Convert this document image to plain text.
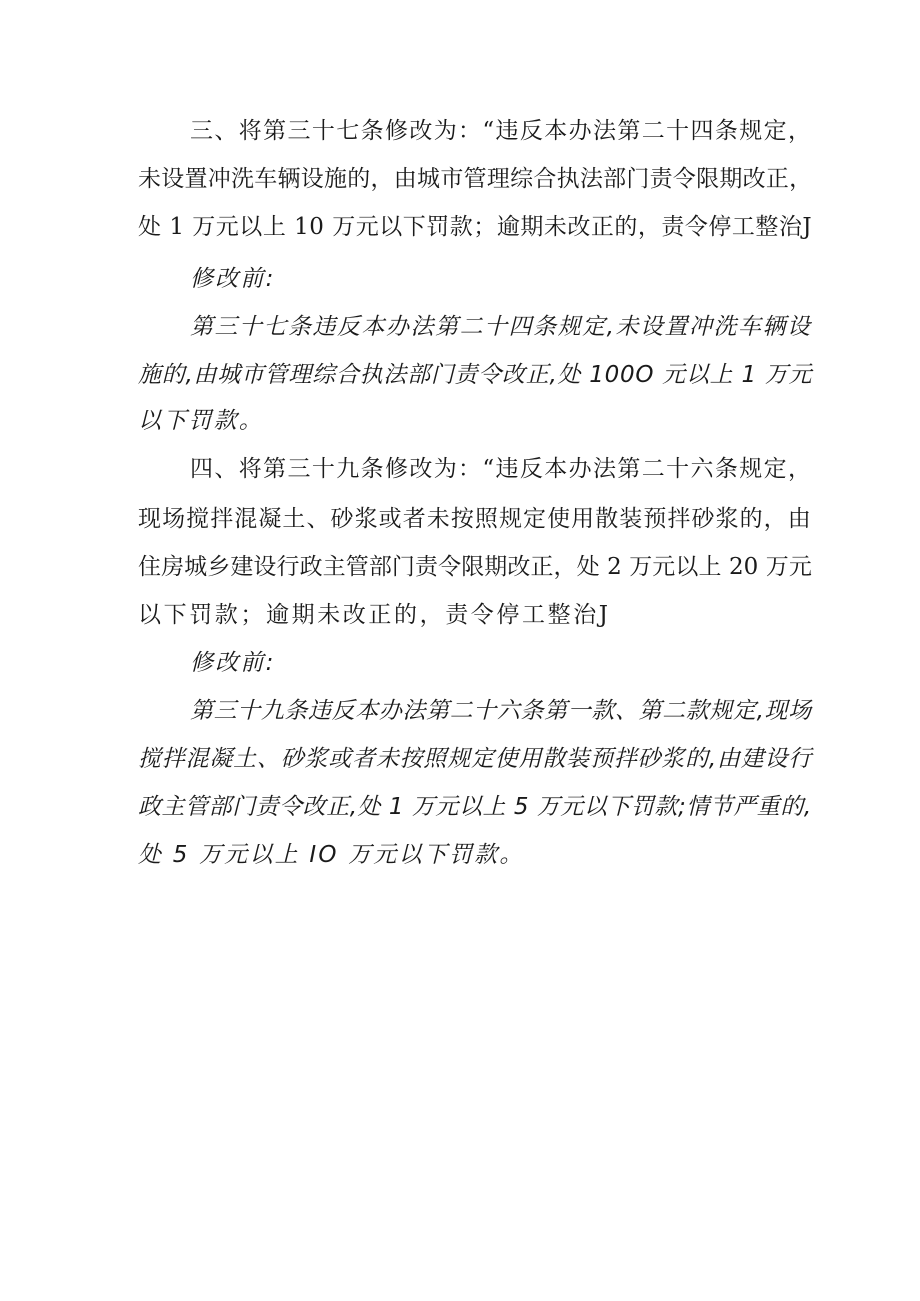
三、将第三十七条修改为：“违反本办法第二十四条规定，

未设置冲洗车辆设施的，由城市管理综合执法部门责令限期改正，

处 1 万元以上 10 万元以下罚款；逾期未改正的，责令停工整治J

修改前:

第三十七条违反本办法第二十四条规定,未设置冲洗车辆设

施的,由城市管理综合执法部门责令改正,处 100O 元以上 1 万元

以下罚款。

四、将第三十九条修改为：“违反本办法第二十六条规定，

现场搅拌混凝土、砂浆或者未按照规定使用散装预拌砂浆的，由

住房城乡建设行政主管部门责令限期改正，处 2 万元以上 20 万元

以下罚款；逾期未改正的，责令停工整治J

修改前:

第三十九条违反本办法第二十六条第一款、第二款规定,现场

搅拌混凝土、砂浆或者未按照规定使用散装预拌砂浆的,由建设行

政主管部门责令改正,处 1 万元以上 5 万元以下罚款;情节严重的,

处 5 万元以上 IO 万元以下罚款。
